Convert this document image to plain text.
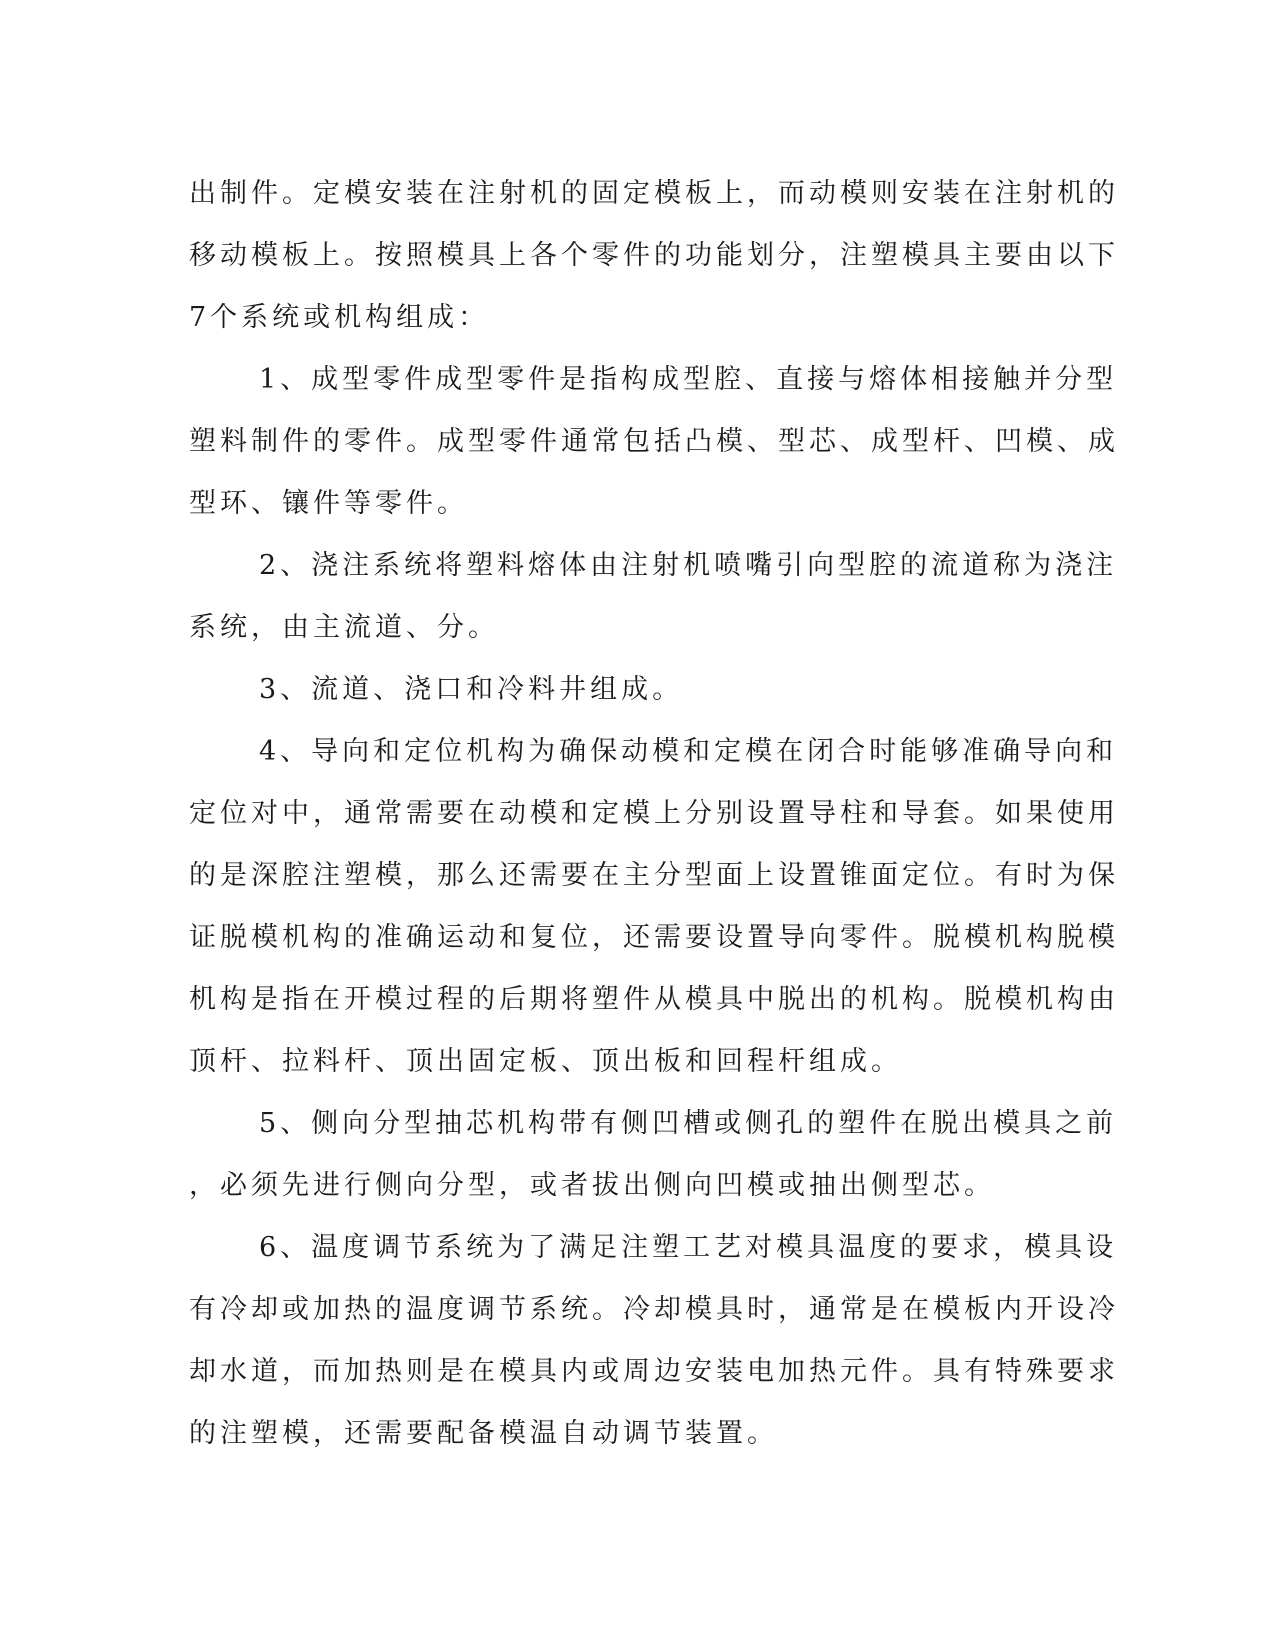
出制件。定模安装在注射机的固定模板上，而动模则安装在注射机的
移动模板上。按照模具上各个零件的功能划分，注塑模具主要由以下
7个系统或机构组成：

1、成型零件成型零件是指构成型腔、直接与熔体相接触并分型
塑料制件的零件。成型零件通常包括凸模、型芯、成型杆、凹模、成
型环、镶件等零件。

2、浇注系统将塑料熔体由注射机喷嘴引向型腔的流道称为浇注
系统，由主流道、分。

3、流道、浇口和冷料井组成。

4、导向和定位机构为确保动模和定模在闭合时能够准确导向和
定位对中，通常需要在动模和定模上分别设置导柱和导套。如果使用
的是深腔注塑模，那么还需要在主分型面上设置锥面定位。有时为保
证脱模机构的准确运动和复位，还需要设置导向零件。脱模机构脱模
机构是指在开模过程的后期将塑件从模具中脱出的机构。脱模机构由
顶杆、拉料杆、顶出固定板、顶出板和回程杆组成。

5、侧向分型抽芯机构带有侧凹槽或侧孔的塑件在脱出模具之前
，必须先进行侧向分型，或者拔出侧向凹模或抽出侧型芯。

6、温度调节系统为了满足注塑工艺对模具温度的要求，模具设
有冷却或加热的温度调节系统。冷却模具时，通常是在模板内开设冷
却水道，而加热则是在模具内或周边安装电加热元件。具有特殊要求
的注塑模，还需要配备模温自动调节装置。
